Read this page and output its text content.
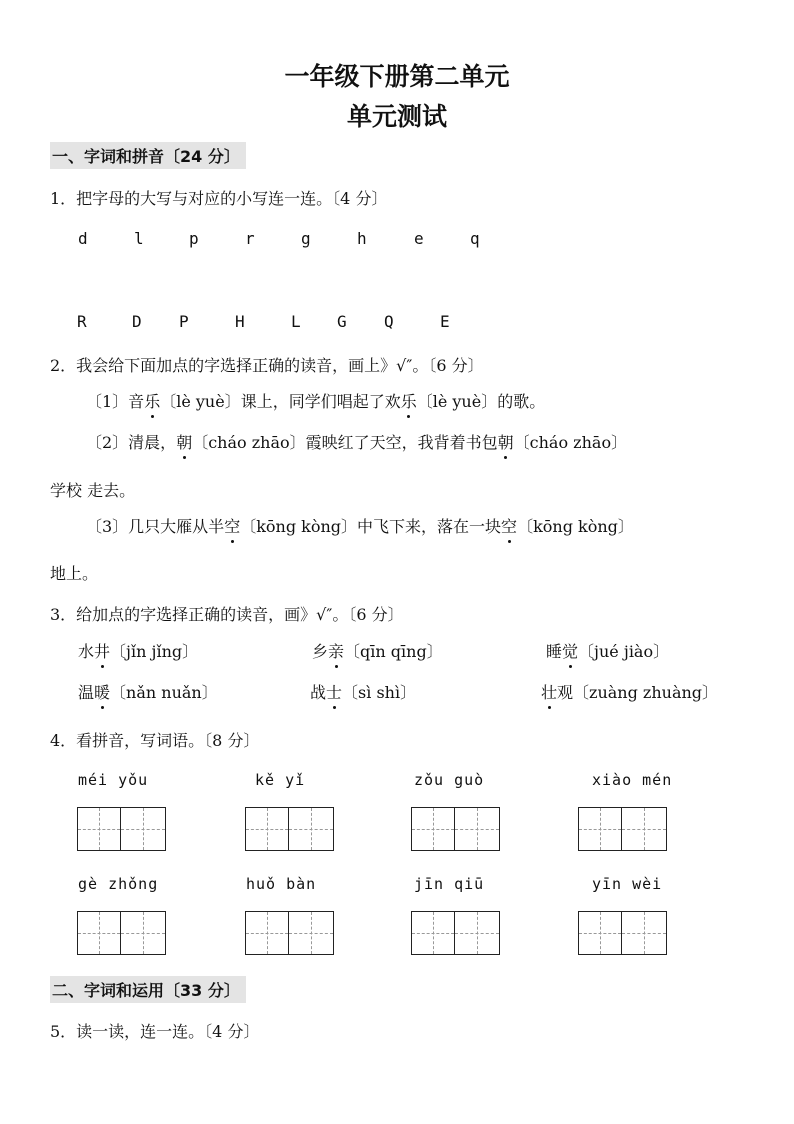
一年级下册第二单元
单元测试
一、字词和拼音〔24 分〕
1．把字母的大写与对应的小写连一连。〔4 分〕
d	l	p	r	g	h	e	q
R	D P	H	L G Q	E
2．我会给下面加点的字选择正确的读音，画上》√″。〔6 分〕
〔1〕音乐〔lè yuè〕课上，同学们唱起了欢乐〔lè yuè〕的歌。
〔2〕清晨，朝〔cháo zhāo〕霞映红了天空，我背着书包朝〔cháo zhāo〕
学校 走去。
〔3〕几只大雁从半空〔kōng kòng〕中飞下来，落在一块空〔kōng kòng〕
地上。
3．给加点的字选择正确的读音，画》√″。〔6 分〕
水井〔jǐn jǐng〕	乡亲〔qīn qīng〕	睡觉〔jué jiào〕
温暖〔nǎn nuǎn〕	战士〔sì shì〕	壮观〔zuàng zhuàng〕
4．看拼音，写词语。〔8 分〕
méi yǒu	kě yǐ	zǒu guò	xiào mén
gè zhǒng	huǒ bàn	jīn qiū	yīn wèi
二、字词和运用〔33 分〕
5．读一读，连一连。〔4 分〕
